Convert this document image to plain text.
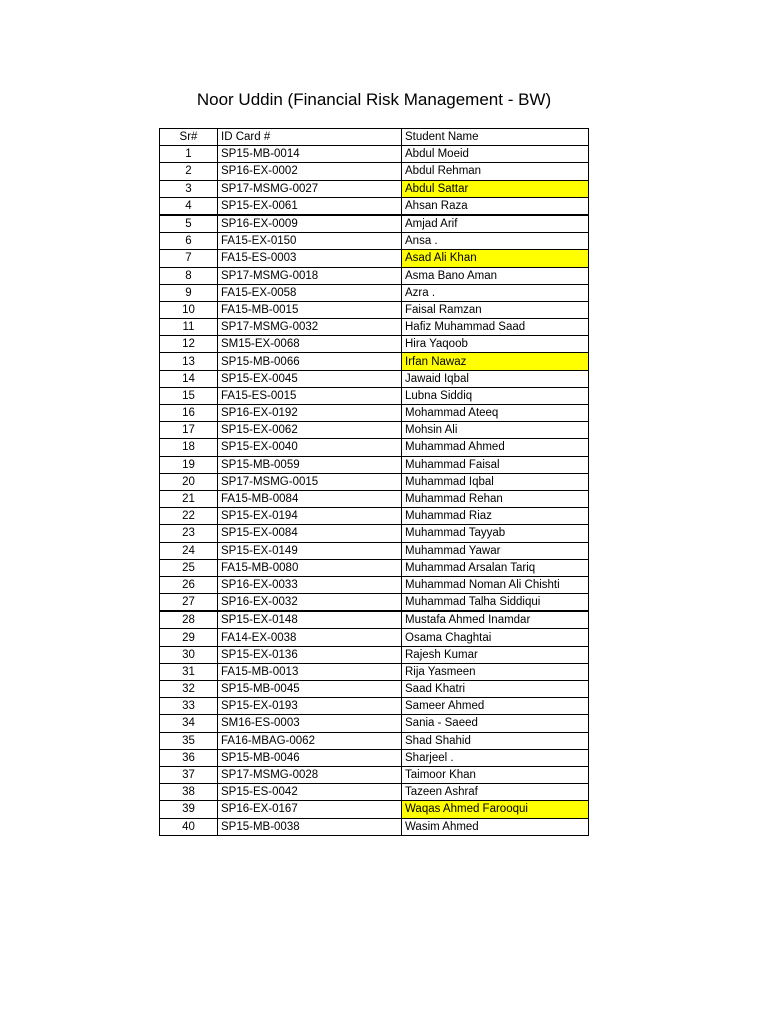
Noor Uddin (Financial Risk Management - BW)
Sr#	ID Card #	Student Name
1	SP15-MB-0014	Abdul Moeid
2	SP16-EX-0002	Abdul Rehman
3	SP17-MSMG-0027	Abdul Sattar
4	SP15-EX-0061	Ahsan Raza
5	SP16-EX-0009	Amjad Arif
6	FA15-EX-0150	Ansa .
7	FA15-ES-0003	Asad Ali Khan
8	SP17-MSMG-0018	Asma Bano Aman
9	FA15-EX-0058	Azra .
10	FA15-MB-0015	Faisal Ramzan
11	SP17-MSMG-0032	Hafiz Muhammad Saad
12	SM15-EX-0068	Hira Yaqoob
13	SP15-MB-0066	Irfan Nawaz
14	SP15-EX-0045	Jawaid Iqbal
15	FA15-ES-0015	Lubna Siddiq
16	SP16-EX-0192	Mohammad Ateeq
17	SP15-EX-0062	Mohsin Ali
18	SP15-EX-0040	Muhammad Ahmed
19	SP15-MB-0059	Muhammad Faisal
20	SP17-MSMG-0015	Muhammad Iqbal
21	FA15-MB-0084	Muhammad Rehan
22	SP15-EX-0194	Muhammad Riaz
23	SP15-EX-0084	Muhammad Tayyab
24	SP15-EX-0149	Muhammad Yawar
25	FA15-MB-0080	Muhammad Arsalan Tariq
26	SP16-EX-0033	Muhammad Noman Ali Chishti
27	SP16-EX-0032	Muhammad Talha Siddiqui
28	SP15-EX-0148	Mustafa Ahmed Inamdar
29	FA14-EX-0038	Osama Chaghtai
30	SP15-EX-0136	Rajesh Kumar
31	FA15-MB-0013	Rija Yasmeen
32	SP15-MB-0045	Saad Khatri
33	SP15-EX-0193	Sameer Ahmed
34	SM16-ES-0003	Sania - Saeed
35	FA16-MBAG-0062	Shad Shahid
36	SP15-MB-0046	Sharjeel .
37	SP17-MSMG-0028	Taimoor Khan
38	SP15-ES-0042	Tazeen Ashraf
39	SP16-EX-0167	Waqas Ahmed Farooqui
40	SP15-MB-0038	Wasim Ahmed
